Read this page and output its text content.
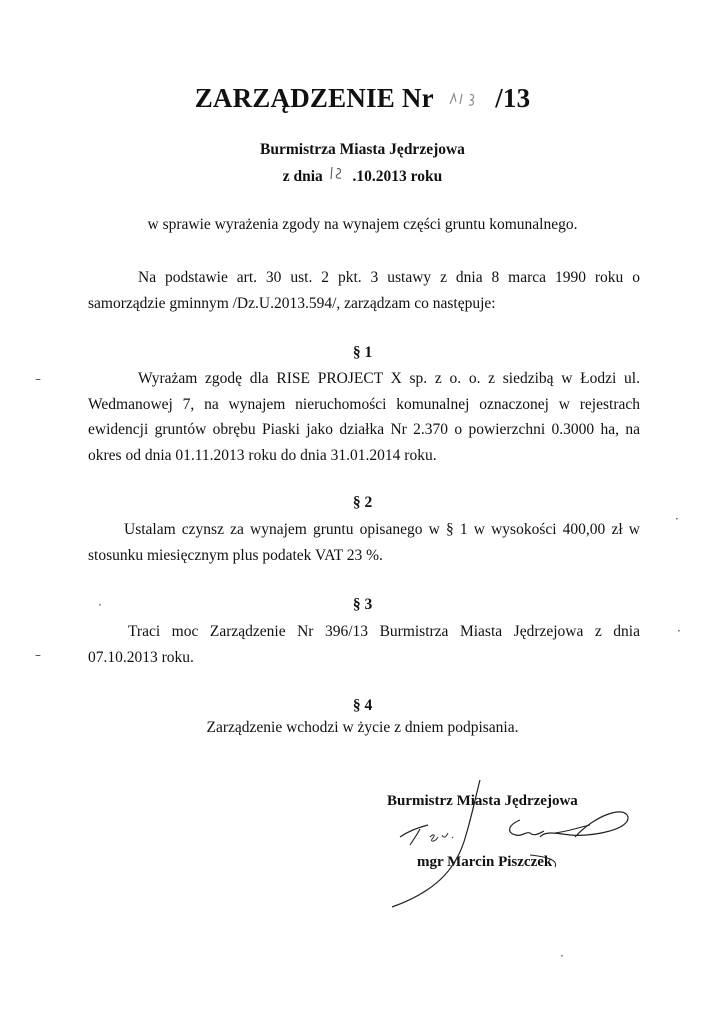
ZARZĄDZENIE Nr /13
Burmistrza Miasta Jędrzejowa
z dnia .10.2013 roku
w sprawie wyrażenia zgody na wynajem części gruntu komunalnego.
Na podstawie art. 30 ust. 2 pkt. 3 ustawy z dnia 8 marca 1990 roku o samorządzie gminnym /Dz.U.2013.594/, zarządzam co następuje:
§ 1
Wyrażam zgodę dla RISE PROJECT X sp. z o. o. z siedzibą w Łodzi ul. Wedmanowej 7, na wynajem nieruchomości komunalnej oznaczonej w rejestrach ewidencji gruntów obrębu Piaski jako działka Nr 2.370 o powierzchni 0.3000 ha, na okres od dnia 01.11.2013 roku do dnia 31.01.2014 roku.
§ 2
Ustalam czynsz za wynajem gruntu opisanego w § 1 w wysokości 400,00 zł w stosunku miesięcznym plus podatek VAT 23 %.
§ 3
Traci moc Zarządzenie Nr 396/13 Burmistrza Miasta Jędrzejowa z dnia 07.10.2013 roku.
§ 4
Zarządzenie wchodzi w życie z dniem podpisania.
Burmistrz Miasta Jędrzejowa
mgr Marcin Piszczek
–
–
·
·
·
·
